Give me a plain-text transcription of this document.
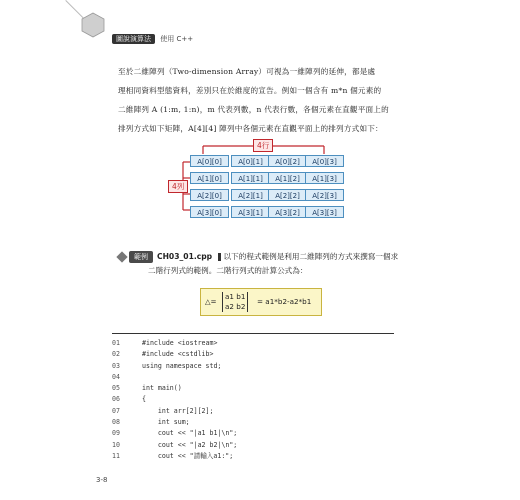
圖說演算法 使用 C++

至於二維陣列（Two-dimension Array）可視為一維陣列的延伸，都是處

理相同資料型態資料，差別只在於維度的宣告。例如一個含有 m*n 個元素的

二維陣列 A (1:m, 1:n)，m 代表列數，n 代表行數，各個元素在直觀平面上的

排列方式如下矩陣，A[4][4] 陣列中各個元素在直觀平面上的排列方式如下：

4行
4列
A[0][0]	A[0][1]	A[0][2]	A[0][3]
A[1][0]	A[1][1]	A[1][2]	A[1][3]
A[2][0]	A[2][1]	A[2][2]	A[2][3]
A[3][0]	A[3][1]	A[3][2]	A[3][3]
範例 CH03_01.cpp 以下的程式範例是利用二維陣列的方式來撰寫一個求
二階行列式的範例。二階行列式的計算公式為：
△=
a1 b1
a2 b2
= a1*b2-a2*b1
01	#include <iostream>
02	#include <cstdlib>
03	using namespace std;
04
05	int main()
06	{
07	int arr[2][2];
08	int sum;
09	cout << "|a1 b1|\n";
10	cout << "|a2 b2|\n";
11	cout << "請輸入a1:";
3-8
